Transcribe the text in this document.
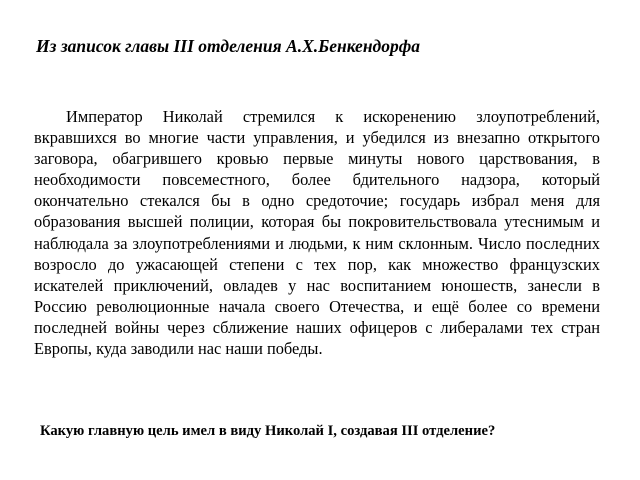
Из записок главы III отделения А.Х.Бенкендорфа

Император Николай стремился к искоренению злоупотреблений, вкравшихся во многие части управления, и убедился из внезапно открытого заговора, обагрившего кровью первые минуты нового царствования, в необходимости повсеместного, более бдительного надзора, который окончательно стекался бы в одно средоточие; государь избрал меня для образования высшей полиции, которая бы покровительствовала утеснимым и наблюдала за злоупотреблениями и людьми, к ним склонным. Число последних возросло до ужасающей степени с тех пор, как множество французских искателей приключений, овладев у нас воспитанием юношеств, занесли в Россию революционные начала своего Отечества, и ещё более со времени последней войны через сближение наших офицеров с либералами тех стран Европы, куда заводили нас наши победы.

Какую главную цель имел в виду Николай I, создавая III отделение?
